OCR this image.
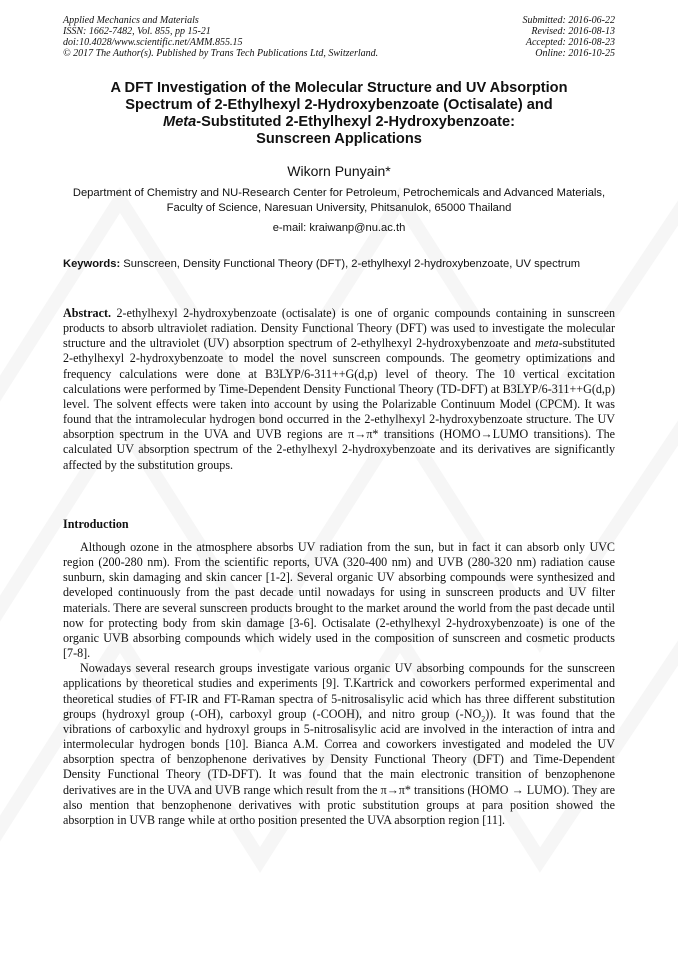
Applied Mechanics and Materials
ISSN: 1662-7482, Vol. 855, pp 15-21
doi:10.4028/www.scientific.net/AMM.855.15
© 2017 The Author(s). Published by Trans Tech Publications Ltd, Switzerland.
Submitted: 2016-06-22
Revised: 2016-08-13
Accepted: 2016-08-23
Online: 2016-10-25
A DFT Investigation of the Molecular Structure and UV Absorption
Spectrum of 2-Ethylhexyl 2-Hydroxybenzoate (Octisalate) and
Meta-Substituted 2-Ethylhexyl 2-Hydroxybenzoate:
Sunscreen Applications
Wikorn Punyain*
Department of Chemistry and NU-Research Center for Petroleum, Petrochemicals and Advanced Materials, Faculty of Science, Naresuan University, Phitsanulok, 65000 Thailand
e-mail: kraiwanp@nu.ac.th
Keywords: Sunscreen, Density Functional Theory (DFT), 2-ethylhexyl 2-hydroxybenzoate, UV spectrum
Abstract. 2-ethylhexyl 2-hydroxybenzoate (octisalate) is one of organic compounds containing in sunscreen products to absorb ultraviolet radiation. Density Functional Theory (DFT) was used to investigate the molecular structure and the ultraviolet (UV) absorption spectrum of 2-ethylhexyl 2-hydroxybenzoate and meta-substituted 2-ethylhexyl 2-hydroxybenzoate to model the novel sunscreen compounds. The geometry optimizations and frequency calculations were done at B3LYP/6-311++G(d,p) level of theory. The 10 vertical excitation calculations were performed by Time-Dependent Density Functional Theory (TD-DFT) at B3LYP/6-311++G(d,p) level. The solvent effects were taken into account by using the Polarizable Continuum Model (CPCM). It was found that the intramolecular hydrogen bond occurred in the 2-ethylhexyl 2-hydroxybenzoate structure. The UV absorption spectrum in the UVA and UVB regions are π→π* transitions (HOMO→LUMO transitions). The calculated UV absorption spectrum of the 2-ethylhexyl 2-hydroxybenzoate and its derivatives are significantly affected by the substitution groups.
Introduction

Although ozone in the atmosphere absorbs UV radiation from the sun, but in fact it can absorb only UVC region (200-280 nm). From the scientific reports, UVA (320-400 nm) and UVB (280-320 nm) radiation cause sunburn, skin damaging and skin cancer [1-2]. Several organic UV absorbing compounds were synthesized and developed continuously from the past decade until nowadays for using in sunscreen products and UV filter materials. There are several sunscreen products brought to the market around the world from the past decade until now for protecting body from skin damage [3-6]. Octisalate (2-ethylhexyl 2-hydroxybenzoate) is one of the organic UVB absorbing compounds which widely used in the composition of sunscreen and cosmetic products [7-8].

Nowadays several research groups investigate various organic UV absorbing compounds for the sunscreen applications by theoretical studies and experiments [9]. T.Kartrick and coworkers performed experimental and theoretical studies of FT-IR and FT-Raman spectra of 5-nitrosalisylic acid which has three different substitution groups (hydroxyl group (-OH), carboxyl group (-COOH), and nitro group $(-NO_2)$). It was found that the vibrations of carboxylic and hydroxyl groups in 5-nitrosalisylic acid are involved in the interaction of intra and intermolecular hydrogen bonds [10]. Bianca A.M. Correa and coworkers investigated and modeled the UV absorption spectra of benzophenone derivatives by Density Functional Theory (DFT) and Time-Dependent Density Functional Theory (TD-DFT). It was found that the main electronic transition of benzophenone derivatives are in the UVA and UVB range which result from the π→π* transitions (HOMO → LUMO). They are also mention that benzophenone derivatives with protic substitution groups at para position showed the absorption in UVB range while at ortho position presented the UVA absorption region [11].
